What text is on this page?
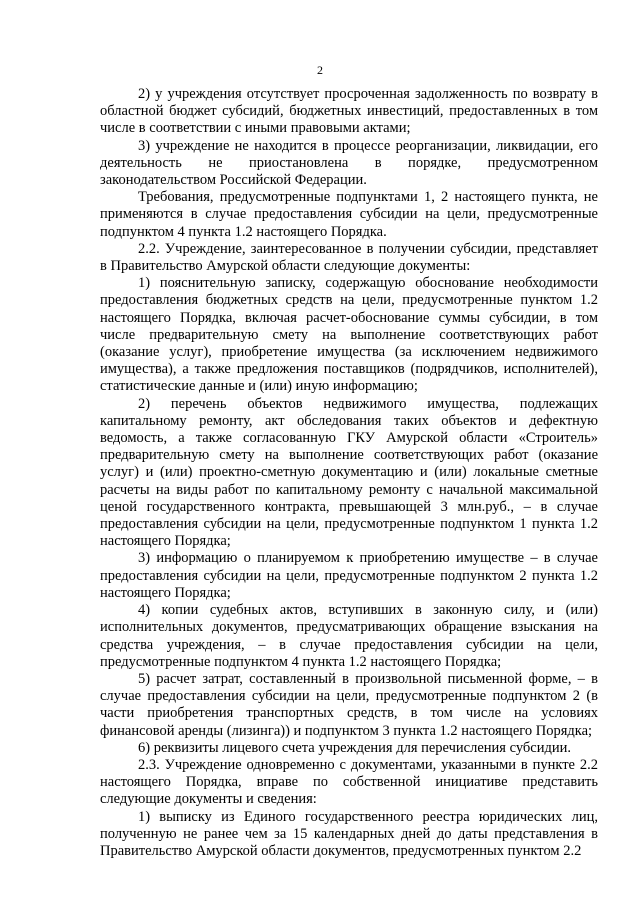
2

2) у учреждения отсутствует просроченная задолженность по возврату в областной бюджет субсидий, бюджетных инвестиций, предоставленных в том числе в соответствии с иными правовыми актами;

3) учреждение не находится в процессе реорганизации, ликвидации, его деятельность не приостановлена в порядке, предусмотренном законодательством Российской Федерации.

Требования, предусмотренные подпунктами 1, 2 настоящего пункта, не применяются в случае предоставления субсидии на цели, предусмотренные подпунктом 4 пункта 1.2 настоящего Порядка.

2.2. Учреждение, заинтересованное в получении субсидии, представляет в Правительство Амурской области следующие документы:

1) пояснительную записку, содержащую обоснование необходимости предоставления бюджетных средств на цели, предусмотренные пунктом 1.2 настоящего Порядка, включая расчет-обоснование суммы субсидии, в том числе предварительную смету на выполнение соответствующих работ (оказание услуг), приобретение имущества (за исключением недвижимого имущества), а также предложения поставщиков (подрядчиков, исполнителей), статистические данные и (или) иную информацию;

2) перечень объектов недвижимого имущества, подлежащих капитальному ремонту, акт обследования таких объектов и дефектную ведомость, а также согласованную ГКУ Амурской области «Строитель» предварительную смету на выполнение соответствующих работ (оказание услуг) и (или) проектно-сметную документацию и (или) локальные сметные расчеты на виды работ по капитальному ремонту с начальной максимальной ценой государственного контракта, превышающей 3 млн.руб., – в случае предоставления субсидии на цели, предусмотренные подпунктом 1 пункта 1.2 настоящего Порядка;

3) информацию о планируемом к приобретению имуществе – в случае предоставления субсидии на цели, предусмотренные подпунктом 2 пункта 1.2 настоящего Порядка;

4) копии судебных актов, вступивших в законную силу, и (или) исполнительных документов, предусматривающих обращение взыскания на средства учреждения, – в случае предоставления субсидии на цели, предусмотренные подпунктом 4 пункта 1.2 настоящего Порядка;

5) расчет затрат, составленный в произвольной письменной форме, – в случае предоставления субсидии на цели, предусмотренные подпунктом 2 (в части приобретения транспортных средств, в том числе на условиях финансовой аренды (лизинга)) и подпунктом 3 пункта 1.2 настоящего Порядка;

6) реквизиты лицевого счета учреждения для перечисления субсидии.

2.3. Учреждение одновременно с документами, указанными в пункте 2.2 настоящего Порядка, вправе по собственной инициативе представить следующие документы и сведения:

1) выписку из Единого государственного реестра юридических лиц, полученную не ранее чем за 15 календарных дней до даты представления в Правительство Амурской области документов, предусмотренных пунктом 2.2
